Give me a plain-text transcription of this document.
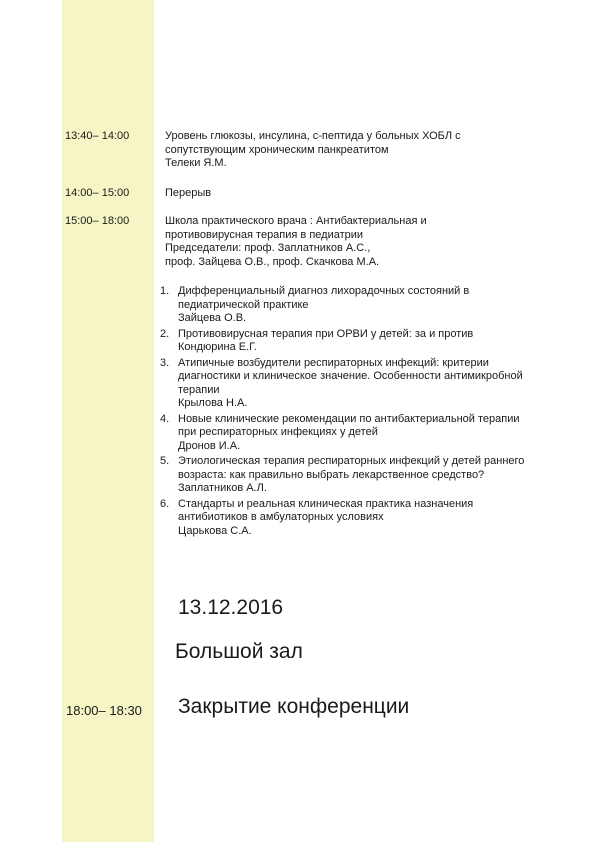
13:40– 14:00	Уровень глюкозы, инсулина, с-пептида у больных ХОБЛ с
сопутствующим хроническим панкреатитом
Телеки Я.М.
14:00– 15:00	Перерыв
15:00– 18:00	Школа практического врача : Антибактериальная и
противовирусная терапия в педиатрии
Председатели: проф. Заплатников А.С.,
проф. Зайцева О.В., проф. Скачкова М.А.
1. Дифференциальный диагноз лихорадочных состояний в
педиатрической практике
Зайцева О.В.
2. Противовирусная терапия при ОРВИ у детей: за и против
Кондюрина Е.Г.
3. Атипичные возбудители респираторных инфекций: критерии
диагностики и клиническое значение. Особенности антимикробной
терапии
Крылова Н.А.
4. Новые клинические рекомендации по антибактериальной терапии
при респираторных инфекциях у детей
Дронов И.А.
5. Этиологическая терапия респираторных инфекций у детей раннего
возраста: как правильно выбрать лекарственное средство?
Заплатников А.Л.
6. Стандарты и реальная клиническая практика назначения
антибиотиков в амбулаторных условиях
Царькова С.А.
13.12.2016
Большой зал
18:00– 18:30 Закрытие конференции
